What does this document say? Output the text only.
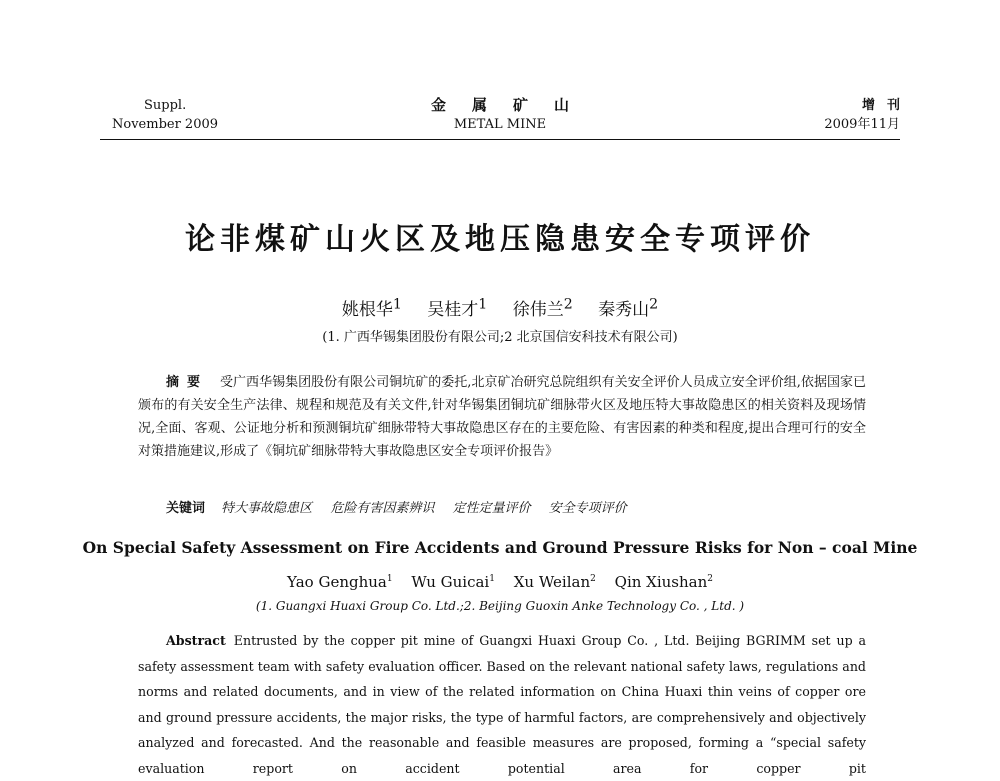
Suppl.
November 2009
金属矿山
METAL MINE
增刊
2009年11月
论非煤矿山火区及地压隐患安全专项评价
姚根华$^1$ 吴桂才$^1$ 徐伟兰$^2$ 秦秀山$^2$
(1. 广西华锡集团股份有限公司;2 北京国信安科技术有限公司)
摘要 受广西华锡集团股份有限公司铜坑矿的委托,北京矿冶研究总院组织有关安全评价人员成立安全评价组,依据国家已颁布的有关安全生产法律、规程和规范及有关文件,针对华锡集团铜坑矿细脉带火区及地压特大事故隐患区的相关资料及现场情况,全面、客观、公证地分析和预测铜坑矿细脉带特大事故隐患区存在的主要危险、有害因素的种类和程度,提出合理可行的安全对策措施建议,形成了《铜坑矿细脉带特大事故隐患区安全专项评价报告》
关键词 特大事故隐患区 危险有害因素辨识 定性定量评价 安全专项评价
On Special Safety Assessment on Fire Accidents and Ground Pressure Risks for Non – coal Mine
Yao Genghua$^1$ Wu Guicai$^1$ Xu Weilan$^2$ Qin Xiushan$^2$
(1. Guangxi Huaxi Group Co. Ltd.;2. Beijing Guoxin Anke Technology Co. , Ltd. )
Abstract Entrusted by the copper pit mine of Guangxi Huaxi Group Co. , Ltd. Beijing BGRIMM set up a safety assessment team with safety evaluation officer. Based on the relevant national safety laws, regulations and norms and related documents, and in view of the related information on China Huaxi thin veins of copper ore and ground pressure accidents, the major risks, the type of harmful factors, are comprehensively and objectively analyzed and forecasted. And the reasonable and feasible measures are proposed, forming a “special safety evaluation report on accident potential area for copper pit
